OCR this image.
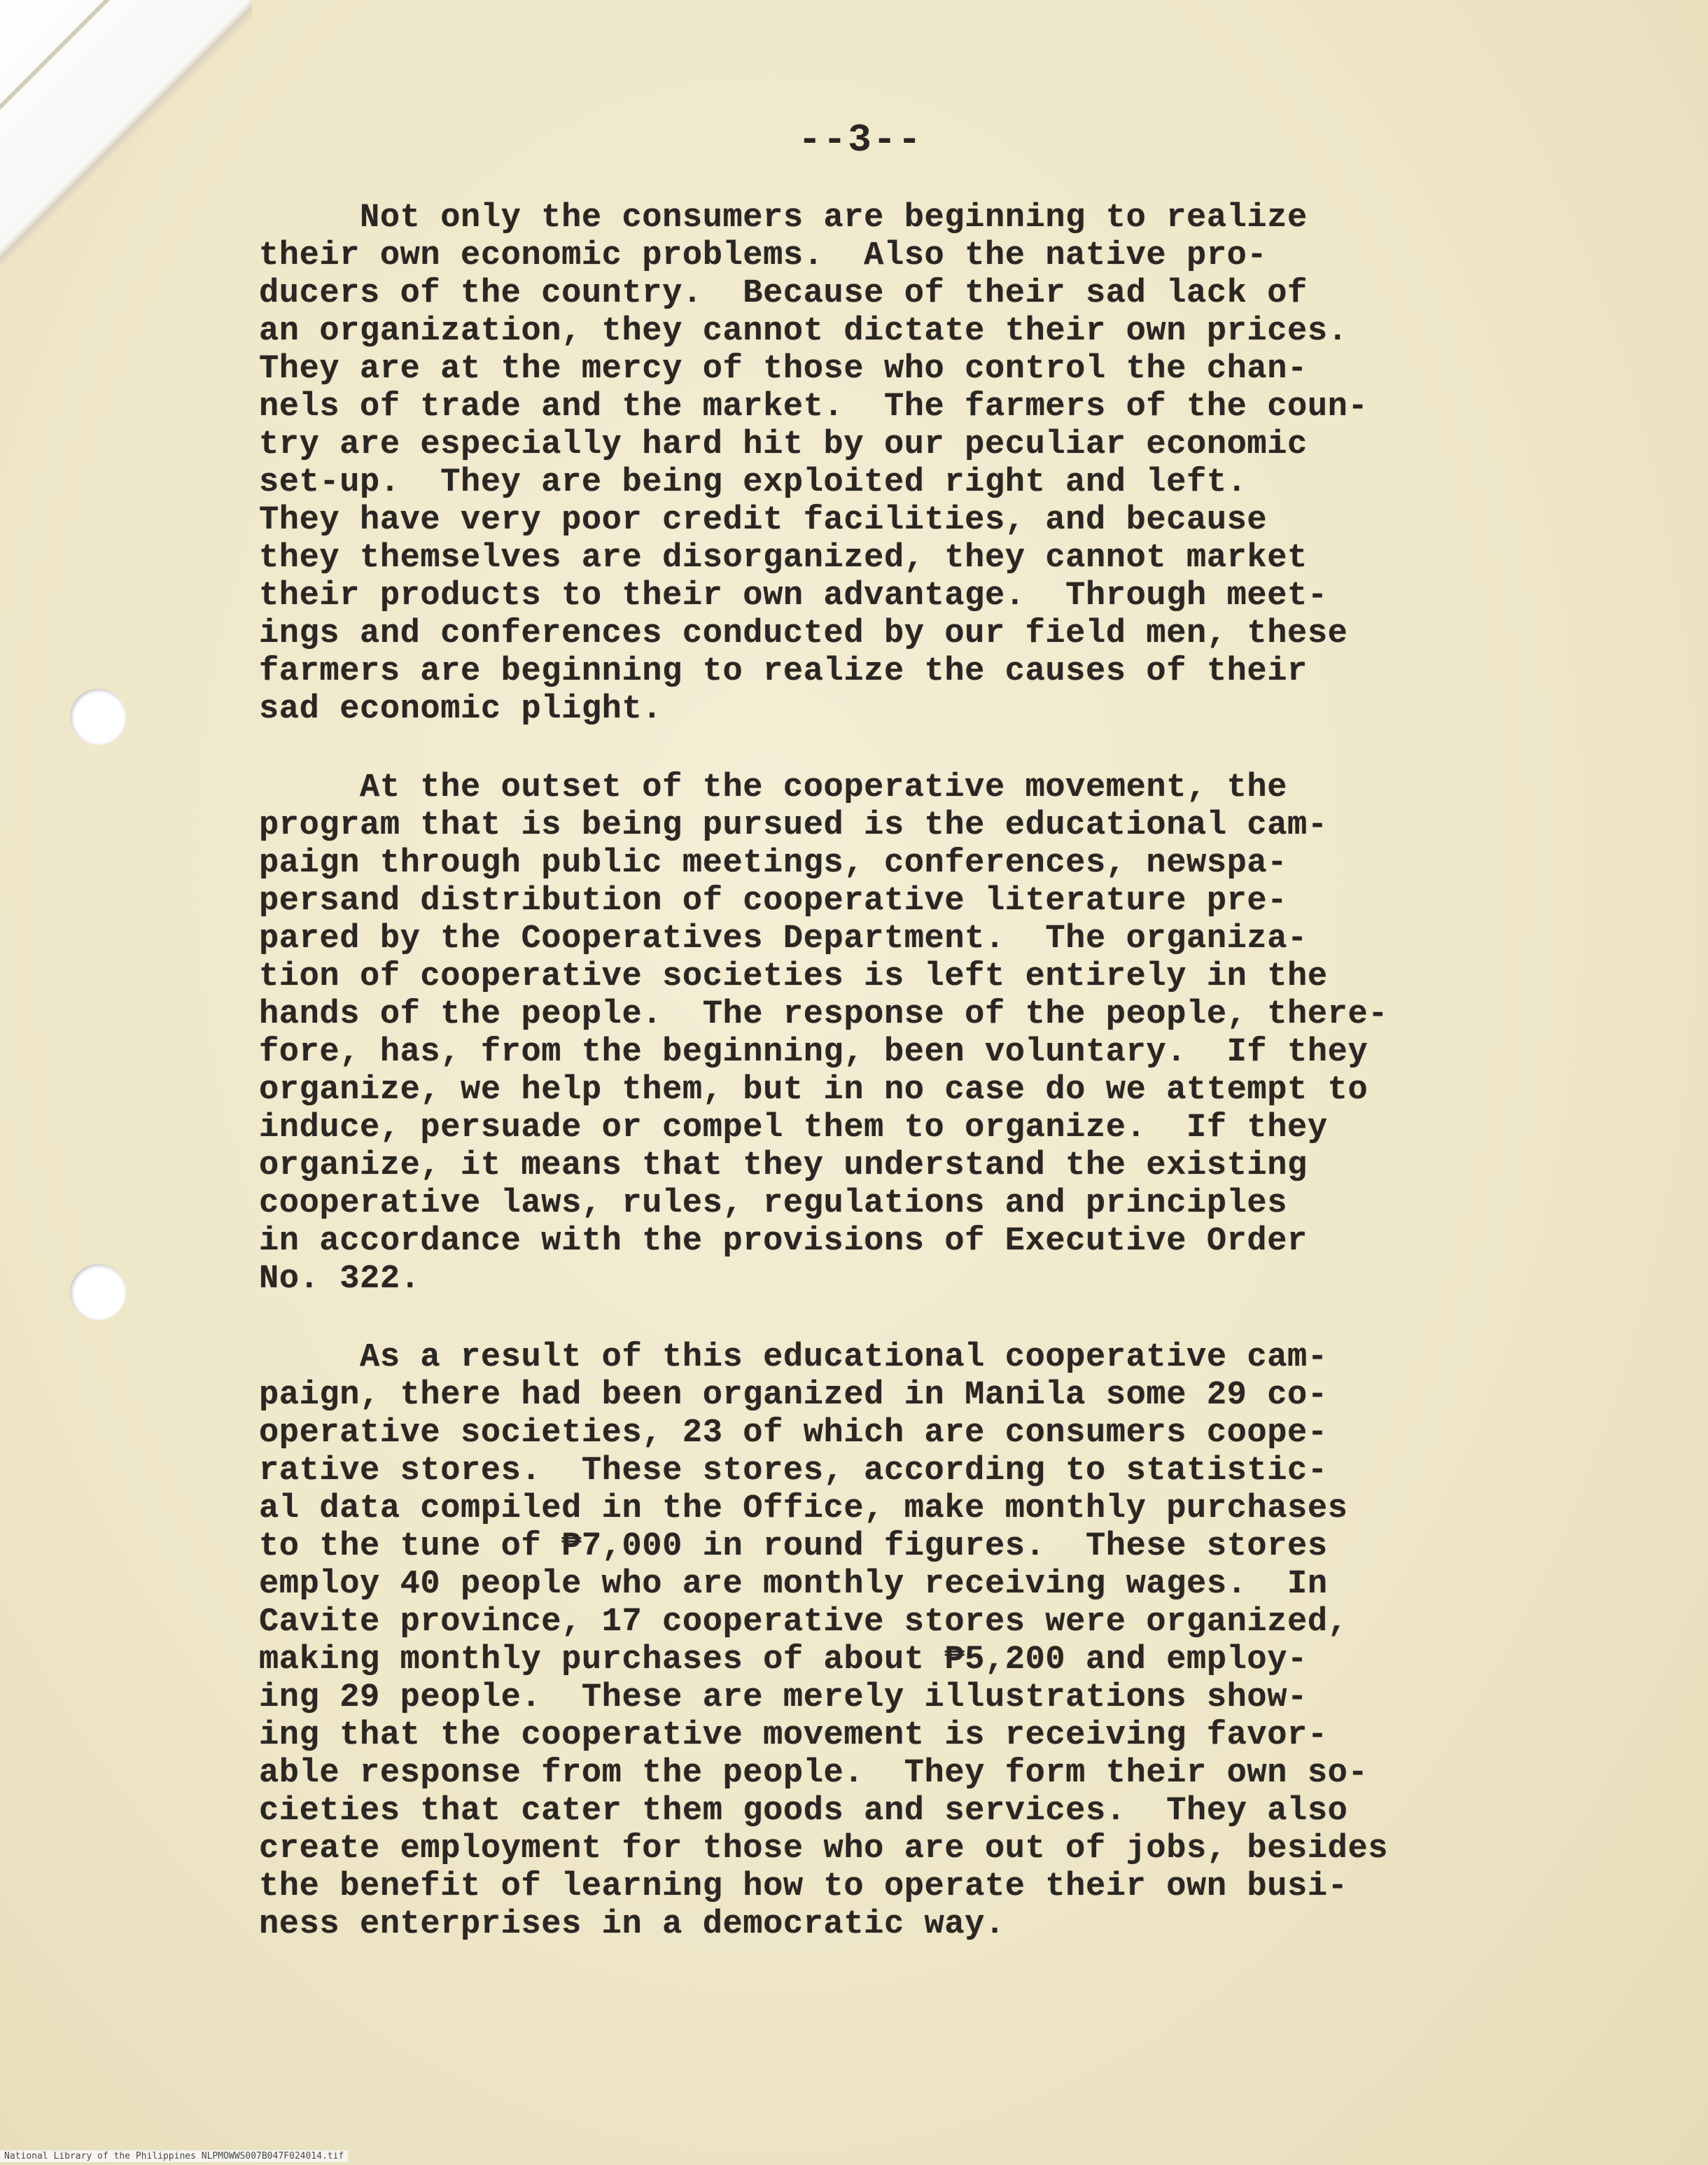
--3--
Not only the consumers are beginning to realize
their own economic problems.  Also the native pro-
ducers of the country.  Because of their sad lack of
an organization, they cannot dictate their own prices.
They are at the mercy of those who control the chan-
nels of trade and the market.  The farmers of the coun-
try are especially hard hit by our peculiar economic
set-up.  They are being exploited right and left.
They have very poor credit facilities, and because
they themselves are disorganized, they cannot market
their products to their own advantage.  Through meet-
ings and conferences conducted by our field men, these
farmers are beginning to realize the causes of their
sad economic plight.
At the outset of the cooperative movement, the
program that is being pursued is the educational cam-
paign through public meetings, conferences, newspa-
persand distribution of cooperative literature pre-
pared by the Cooperatives Department.  The organiza-
tion of cooperative societies is left entirely in the
hands of the people.  The response of the people, there-
fore, has, from the beginning, been voluntary.  If they
organize, we help them, but in no case do we attempt to
induce, persuade or compel them to organize.  If they
organize, it means that they understand the existing
cooperative laws, rules, regulations and principles
in accordance with the provisions of Executive Order
No. 322.
As a result of this educational cooperative cam-
paign, there had been organized in Manila some 29 co-
operative societies, 23 of which are consumers coope-
rative stores.  These stores, according to statistic-
al data compiled in the Office, make monthly purchases
to the tune of ₱7,000 in round figures.  These stores
employ 40 people who are monthly receiving wages.  In
Cavite province, 17 cooperative stores were organized,
making monthly purchases of about ₱5,200 and employ-
ing 29 people.  These are merely illustrations show-
ing that the cooperative movement is receiving favor-
able response from the people.  They form their own so-
cieties that cater them goods and services.  They also
create employment for those who are out of jobs, besides
the benefit of learning how to operate their own busi-
ness enterprises in a democratic way.
National Library of the Philippines NLPMOWWS007B047F024014.tif
